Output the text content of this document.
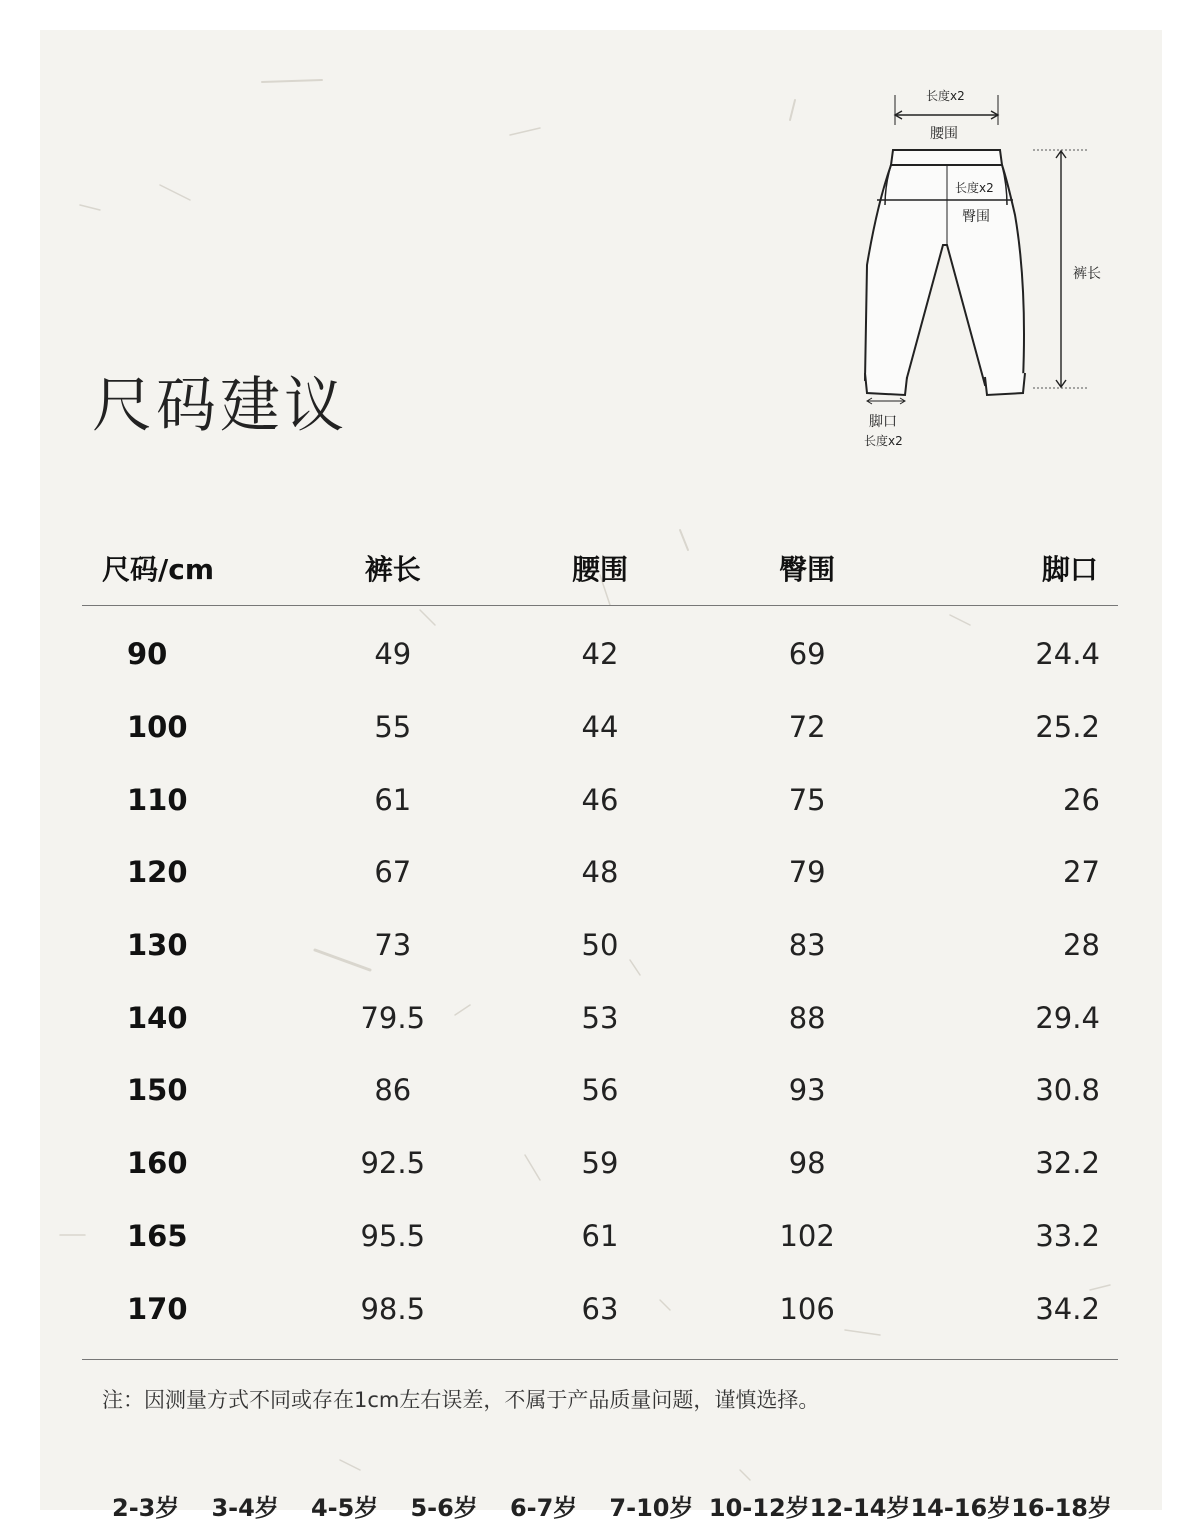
尺码建议
长度x2
腰围
长度x2
臀围
裤长
脚口
长度x2
尺码/cm	裤长	腰围	臀围	脚口
90	49	42	69	24.4
100	55	44	72	25.2
110	61	46	75	26
120	67	48	79	27
130	73	50	83	28
140	79.5	53	88	29.4
150	86	56	93	30.8
160	92.5	59	98	32.2
165	95.5	61	102	33.2
170	98.5	63	106	34.2
注：因测量方式不同或存在1cm左右误差，不属于产品质量问题，谨慎选择。
2-3岁	3-4岁	4-5岁	5-6岁	6-7岁	7-10岁 10-12岁 12-14岁 14-16岁 16-18岁
